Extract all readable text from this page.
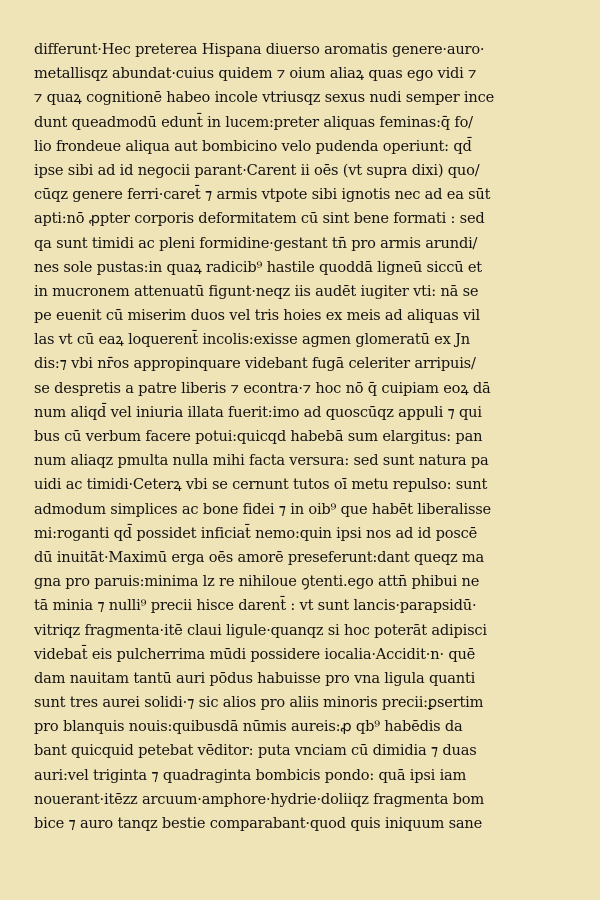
differunt·Hec preterea Hispana diuerso aromatis genere·auro·
metallisqz abundat·cuius quidem ⁊ oium aliaꝝ quas ego vidi ⁊
⁊ quaꝝ cognitionē habeo incole vtriusqz sexus nudi semper ince
dunt queadmodū edunt̄ in lucem:preter aliquas feminas:q̄ fo/
lio frondeue aliqua aut bombicino velo pudenda operiunt: qd̄
ipse sibi ad id negocii parant·Carent ii oēs (vt supra dixi) quo/
cūqz genere ferri·caret̄ ⁊ armis vtpote sibi ignotis nec ad ea sūt
apti:nō ꝓpter corporis deformitatem cū sint bene formati : sed
qa sunt timidi ac pleni formidine·gestant tn̄ pro armis arundi/
nes sole pustas:in quaꝝ radicib⁹ hastile quoddā ligneū siccū et
in mucronem attenuatū figunt·neqz iis audēt iugiter vti: nā se
pe euenit cū miserim duos vel tris hoies ex meis ad aliquas vil
las vt cū eaꝝ loquerent̄ incolis:exisse agmen glomeratū ex Jn
dis:⁊ vbi nr̄os appropinquare videbant fugā celeriter arripuis/
se despretis a patre liberis ⁊ econtra·⁊ hoc nō q̄ cuipiam eoꝝ dā
num aliqd̄ vel iniuria illata fuerit:imo ad quoscūqz appuli ⁊ qui
bus cū verbum facere potui:quicqd habebā sum elargitus: pan
num aliaqz pmulta nulla mihi facta versura: sed sunt natura pa
uidi ac timidi·Ceterꝝ vbi se cernunt tutos oī metu repulso: sunt
admodum simplices ac bone fidei ⁊ in oib⁹ que habēt liberalisse
mi:roganti qd̄ possidet inficiat̄ nemo:quin ipsi nos ad id poscē
dū inuitāt·Maximū erga oēs amorē preseferunt:dant queqz ma
gna pro paruis:minima lz re nihiloue ꝯtenti.ego attn̄ phibui ne
tā minia ⁊ nulli⁹ precii hisce darent̄ : vt sunt lancis·parapsidū·
vitriqz fragmenta·itē claui ligule·quanqz si hoc poterāt adipisci
videbat̄ eis pulcherrima mūdi possidere iocalia·Accidit·n· quē
dam nauitam tantū auri pōdus habuisse pro vna ligula quanti
sunt tres aurei solidi·⁊ sic alios pro aliis minoris precii:ꝑsertim
pro blanquis nouis:quibusdā nūmis aureis:ꝓ qb⁹ habēdis da
bant quicquid petebat vēditor: puta vnciam cū dimidia ⁊ duas
auri:vel triginta ⁊ quadraginta bombicis pondo: quā ipsi iam
nouerant·itēzz arcuum·amphore·hydrie·doliiqz fragmenta bom
bice ⁊ auro tanqz bestie comparabant·quod quis iniquum sane
